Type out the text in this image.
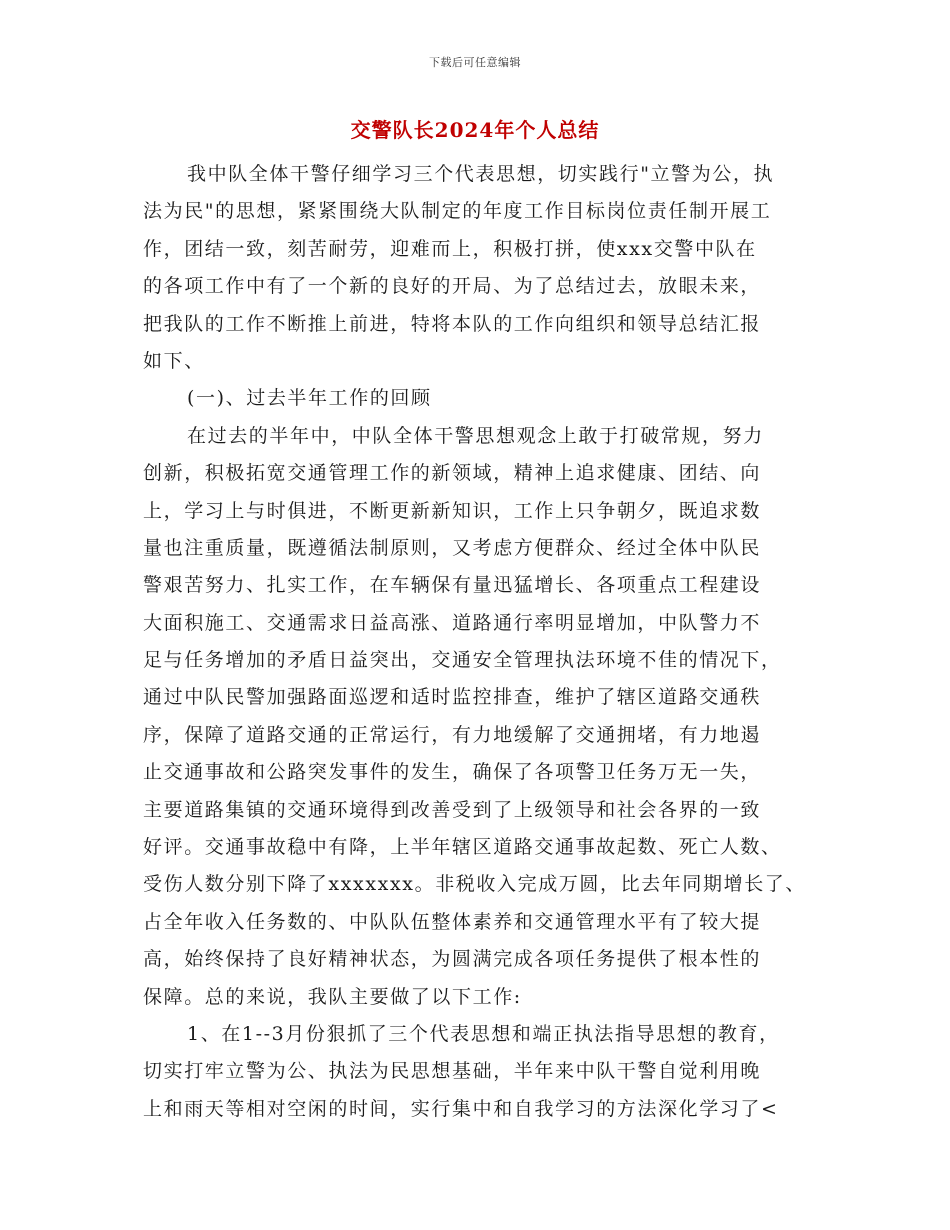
下载后可任意编辑
交警队长2024年个人总结
我中队全体干警仔细学习三个代表思想，切实践行"立警为公，执
法为民"的思想，紧紧围绕大队制定的年度工作目标岗位责任制开展工
作，团结一致，刻苦耐劳，迎难而上，积极打拼，使xxx交警中队在
的各项工作中有了一个新的良好的开局、为了总结过去，放眼未来，
把我队的工作不断推上前进，特将本队的工作向组织和领导总结汇报
如下、
(一)、过去半年工作的回顾
在过去的半年中，中队全体干警思想观念上敢于打破常规，努力
创新，积极拓宽交通管理工作的新领域，精神上追求健康、团结、向
上，学习上与时俱进，不断更新新知识，工作上只争朝夕，既追求数
量也注重质量，既遵循法制原则，又考虑方便群众、经过全体中队民
警艰苦努力、扎实工作，在车辆保有量迅猛增长、各项重点工程建设
大面积施工、交通需求日益高涨、道路通行率明显增加，中队警力不
足与任务增加的矛盾日益突出，交通安全管理执法环境不佳的情况下，
通过中队民警加强路面巡逻和适时监控排查，维护了辖区道路交通秩
序，保障了道路交通的正常运行，有力地缓解了交通拥堵，有力地遏
止交通事故和公路突发事件的发生，确保了各项警卫任务万无一失，
主要道路集镇的交通环境得到改善受到了上级领导和社会各界的一致
好评。交通事故稳中有降，上半年辖区道路交通事故起数、死亡人数、
受伤人数分别下降了xxxxxxx。非税收入完成万圆，比去年同期增长了、
占全年收入任务数的、中队队伍整体素养和交通管理水平有了较大提
高，始终保持了良好精神状态，为圆满完成各项任务提供了根本性的
保障。总的来说，我队主要做了以下工作:
1、在1--3月份狠抓了三个代表思想和端正执法指导思想的教育，
切实打牢立警为公、执法为民思想基础，半年来中队干警自觉利用晚
上和雨天等相对空闲的时间，实行集中和自我学习的方法深化学习了<
